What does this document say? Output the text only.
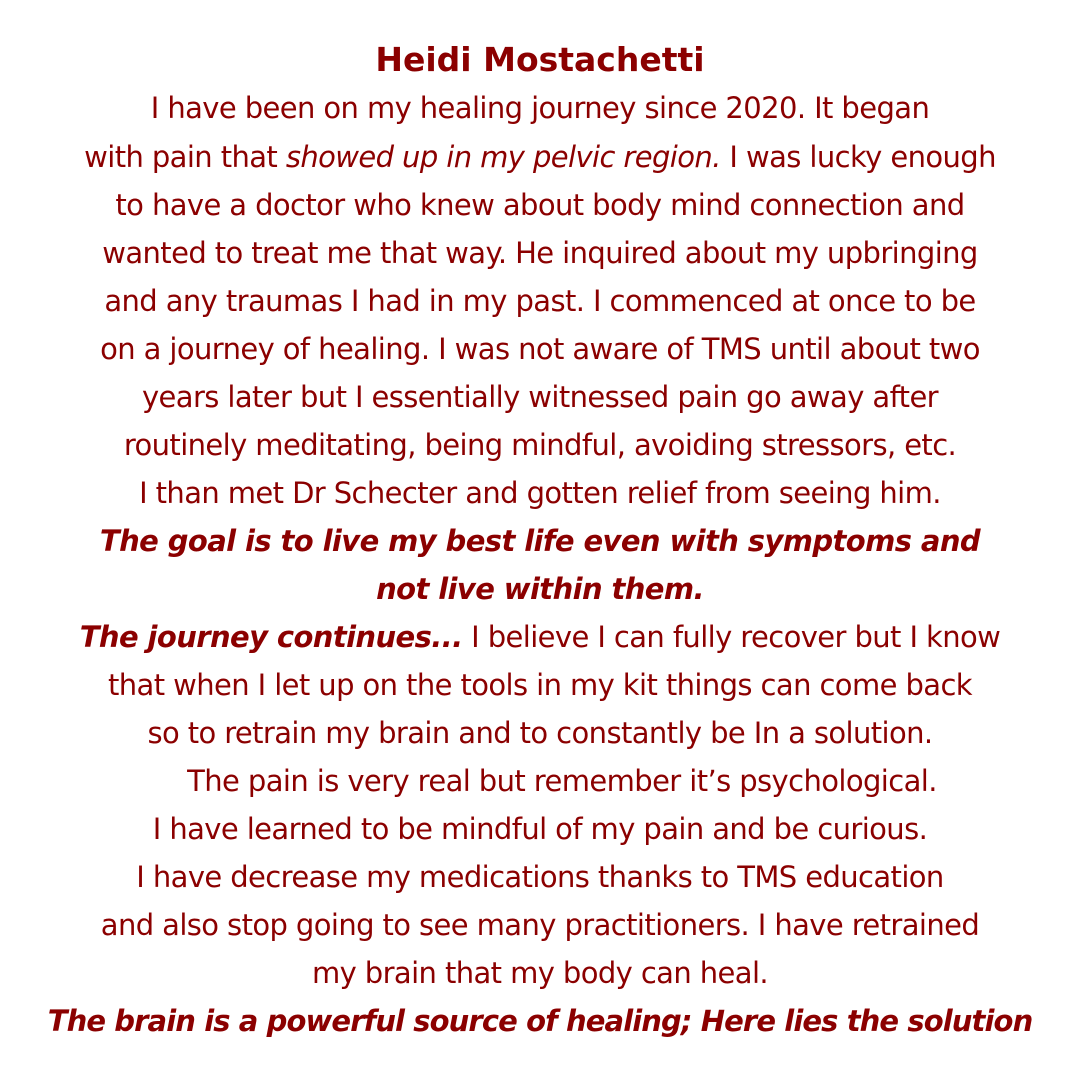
Heidi Mostachetti

I have been on my healing journey since 2020. It began

with pain that showed up in my pelvic region. I was lucky enough

to have a doctor who knew about body mind connection and

wanted to treat me that way. He inquired about my upbringing

and any traumas I had in my past. I commenced at once to be

on a journey of healing. I was not aware of TMS until about two

years later but I essentially witnessed pain go away after

routinely meditating, being mindful, avoiding stressors, etc.

I than met Dr Schecter and gotten relief from seeing him.

The goal is to live my best life even with symptoms and

not live within them.

The journey continues... I believe I can fully recover but I know

that when I let up on the tools in my kit things can come back

so to retrain my brain and to constantly be In a solution.

The pain is very real but remember it’s psychological.

I have learned to be mindful of my pain and be curious.

I have decrease my medications thanks to TMS education

and also stop going to see many practitioners. I have retrained

my brain that my body can heal.

The brain is a powerful source of healing; Here lies the solution
